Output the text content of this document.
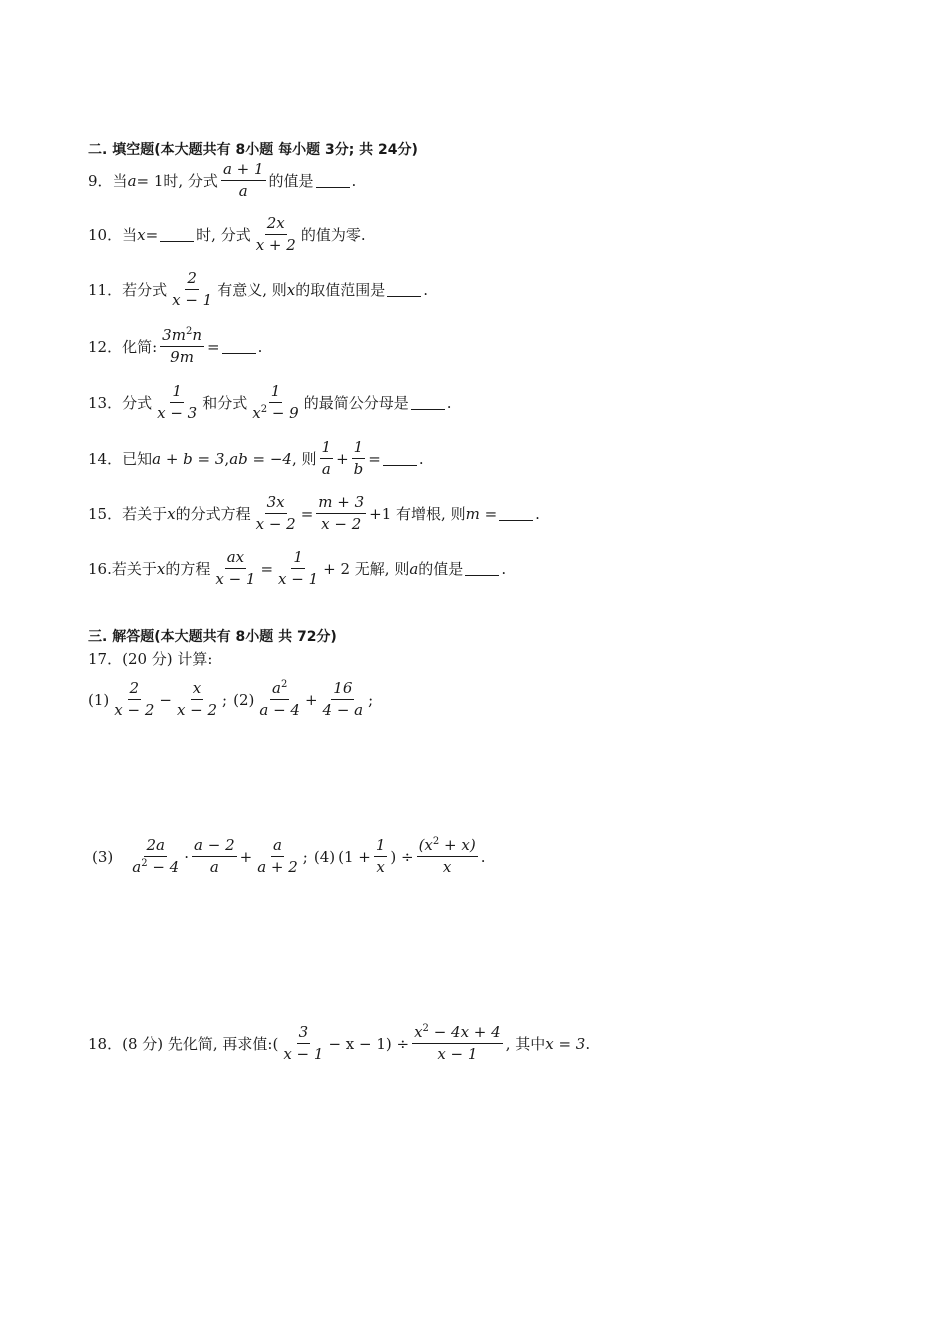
二. 填空题(本大题共有 8小题 每小题 3分; 共 24分)
9． 当 a = 1时, 分式 $\frac{a + 1}{a}$ 的值是	.
10． 当 x =	时, 分式 $\frac{2x}{x + 2}$ 的值为零.
11． 若分式 $\frac{2}{x - 1}$ 有意义, 则 x 的取值范围是	.
12． 化简: $\frac{3m^2n}{9m}$ =	.
13． 分式 $\frac{1}{x - 3}$ 和分式 $\frac{1}{x^2 - 9}$ 的最简公分母是	.
14． 已知 a + b = 3 , ab = −4 , 则 $\frac{1}{a} + \frac{1}{b}$ =	.
15． 若关于 x 的分式方程 $\frac{3x}{x - 2} = \frac{m + 3}{x - 2} +1$ 有增根, 则 m =	.
16. 若关于 x 的方程 $\frac{ax}{x - 1} = \frac{1}{x - 1} + 2$ 无解, 则 a 的值是	.
三. 解答题(本大题共有 8小题 共 72分)
17． (20 分) 计算:
$(1) \frac{2}{x - 2} - \frac{x}{x - 2}$ ; $(2) \frac{a^2}{a - 4} + \frac{16}{4 - a}$ ;
$(3) \frac{2a}{a^2 - 4} \cdot \frac{a - 2}{a} + \frac{a}{a + 2}$ ; (4) ($1 + \frac{1}{x}$ ) ÷ $\frac{(x^2 + x)}{x}$ .
18． (8 分) 先化简, 再求值: ( $\frac{3}{x - 1} - x - 1) \div \frac{x^2 - 4x + 4}{x - 1}$ , 其中 x = 3 .
